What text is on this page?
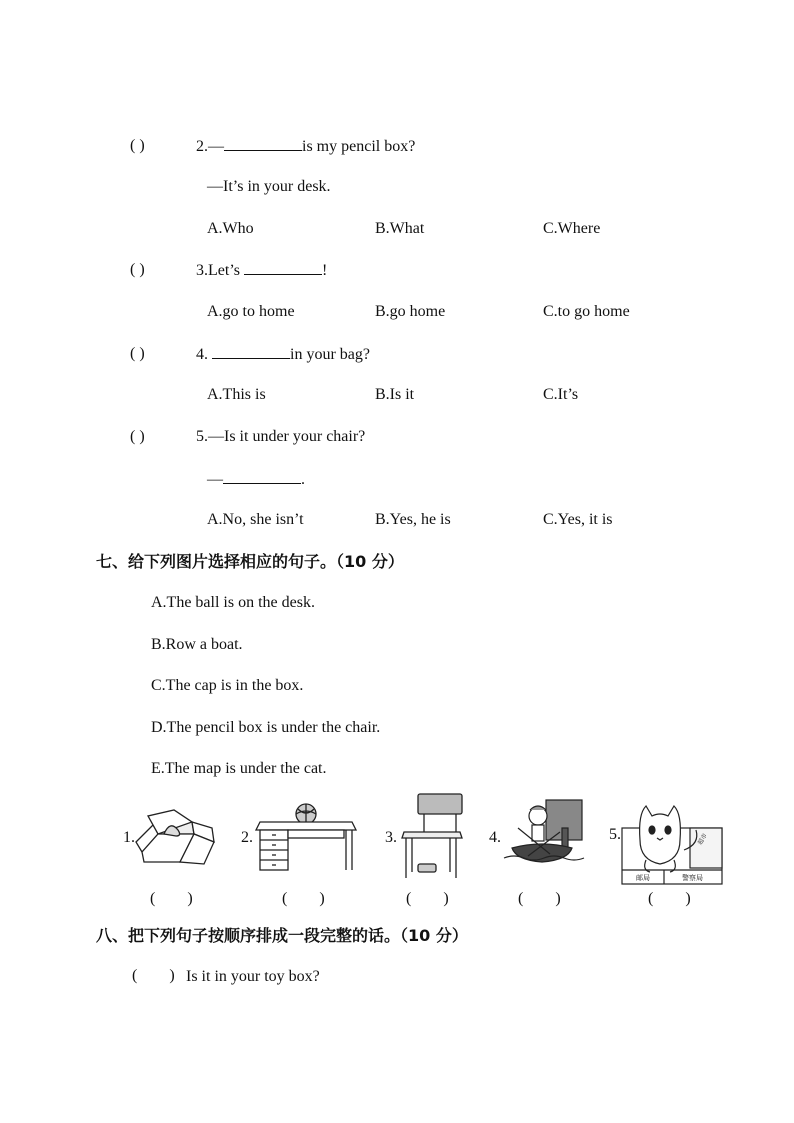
( )	2.—	is my pencil box?
—It’s in your desk.
A.Who	B.What	C.Where
( )	3.Let’s	!
A.go to home	B.go home	C.to go home
( )	4.	in your bag?
A.This is	B.Is it	C.It’s
( )	5.—Is it under your chair?
—	.
A.No, she isn’t	B.Yes, he is	C.Yes, it is
七、给下列图片选择相应的句子。（10 分）
A.The ball is on the desk.
B.Row a boat.
C.The cap is in the box.
D.The pencil box is under the chair.
E.The map is under the cat.
1.
(        )
2.
(        )
3.
(        )
4.
(        )
5.
邮局	警察局
超市
(        )
八、把下列句子按顺序排成一段完整的话。（10 分）
(        ) Is it in your toy box?
